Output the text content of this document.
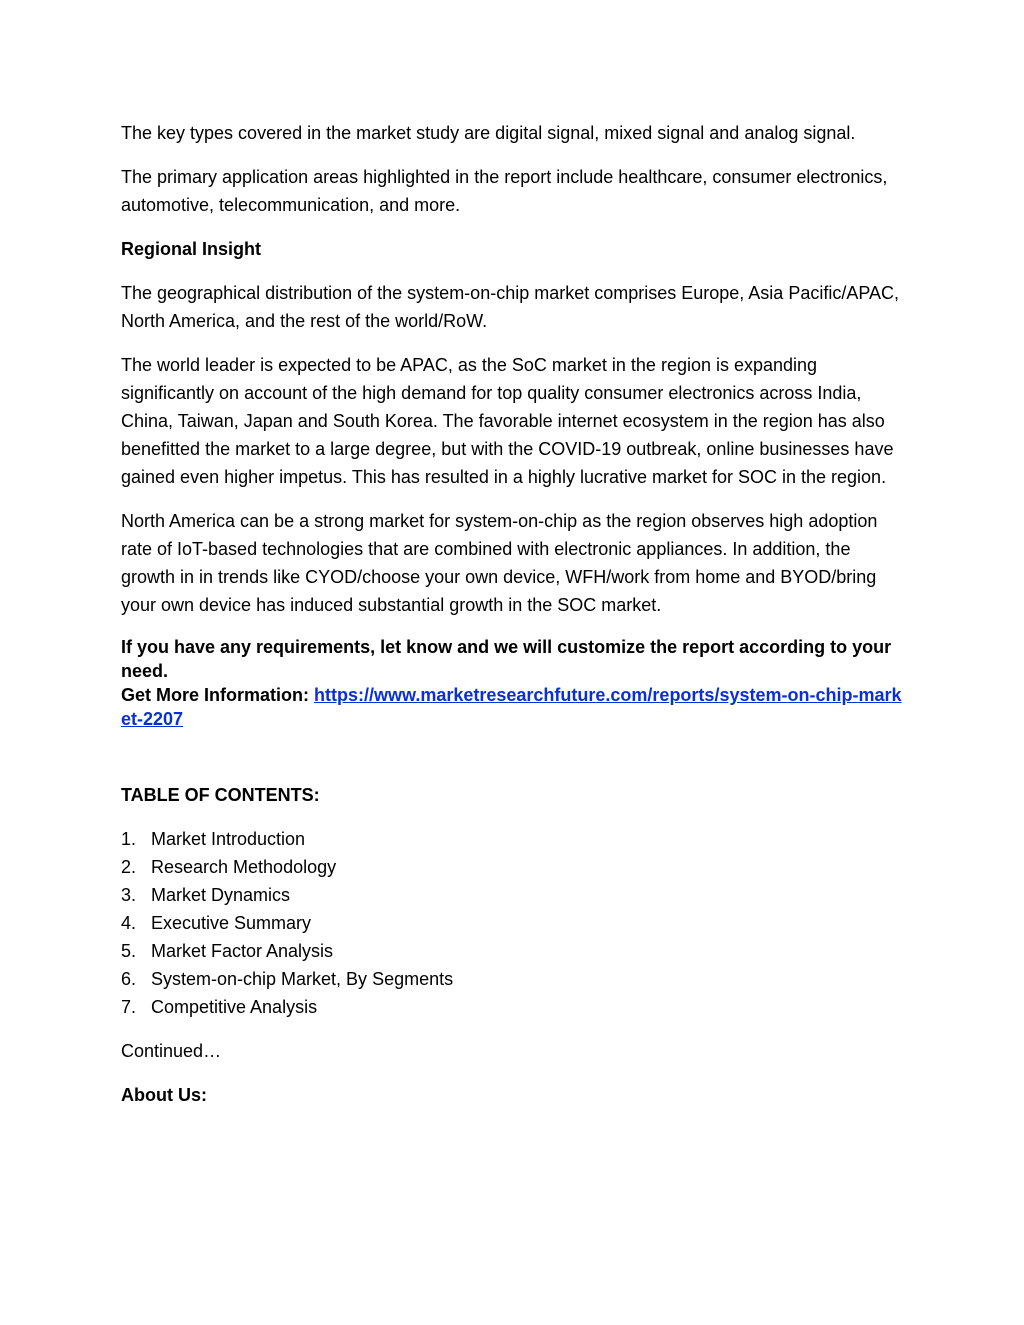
The key types covered in the market study are digital signal, mixed signal and analog signal.

The primary application areas highlighted in the report include healthcare, consumer electronics, automotive, telecommunication, and more.

Regional Insight

The geographical distribution of the system-on-chip market comprises Europe, Asia Pacific/APAC, North America, and the rest of the world/RoW.

The world leader is expected to be APAC, as the SoC market in the region is expanding significantly on account of the high demand for top quality consumer electronics across India, China, Taiwan, Japan and South Korea. The favorable internet ecosystem in the region has also benefitted the market to a large degree, but with the COVID-19 outbreak, online businesses have gained even higher impetus. This has resulted in a highly lucrative market for SOC in the region.

North America can be a strong market for system-on-chip as the region observes high adoption rate of IoT-based technologies that are combined with electronic appliances. In addition, the growth in in trends like CYOD/choose your own device, WFH/work from home and BYOD/bring your own device has induced substantial growth in the SOC market.

If you have any requirements, let know and we will customize the report according to your need.

Get More Information: https://www.marketresearchfuture.com/reports/system-on-chip-market-2207

TABLE OF CONTENTS:

1. Market Introduction
2. Research Methodology
3. Market Dynamics
4. Executive Summary
5. Market Factor Analysis
6. System-on-chip Market, By Segments
7. Competitive Analysis

Continued…

About Us:
